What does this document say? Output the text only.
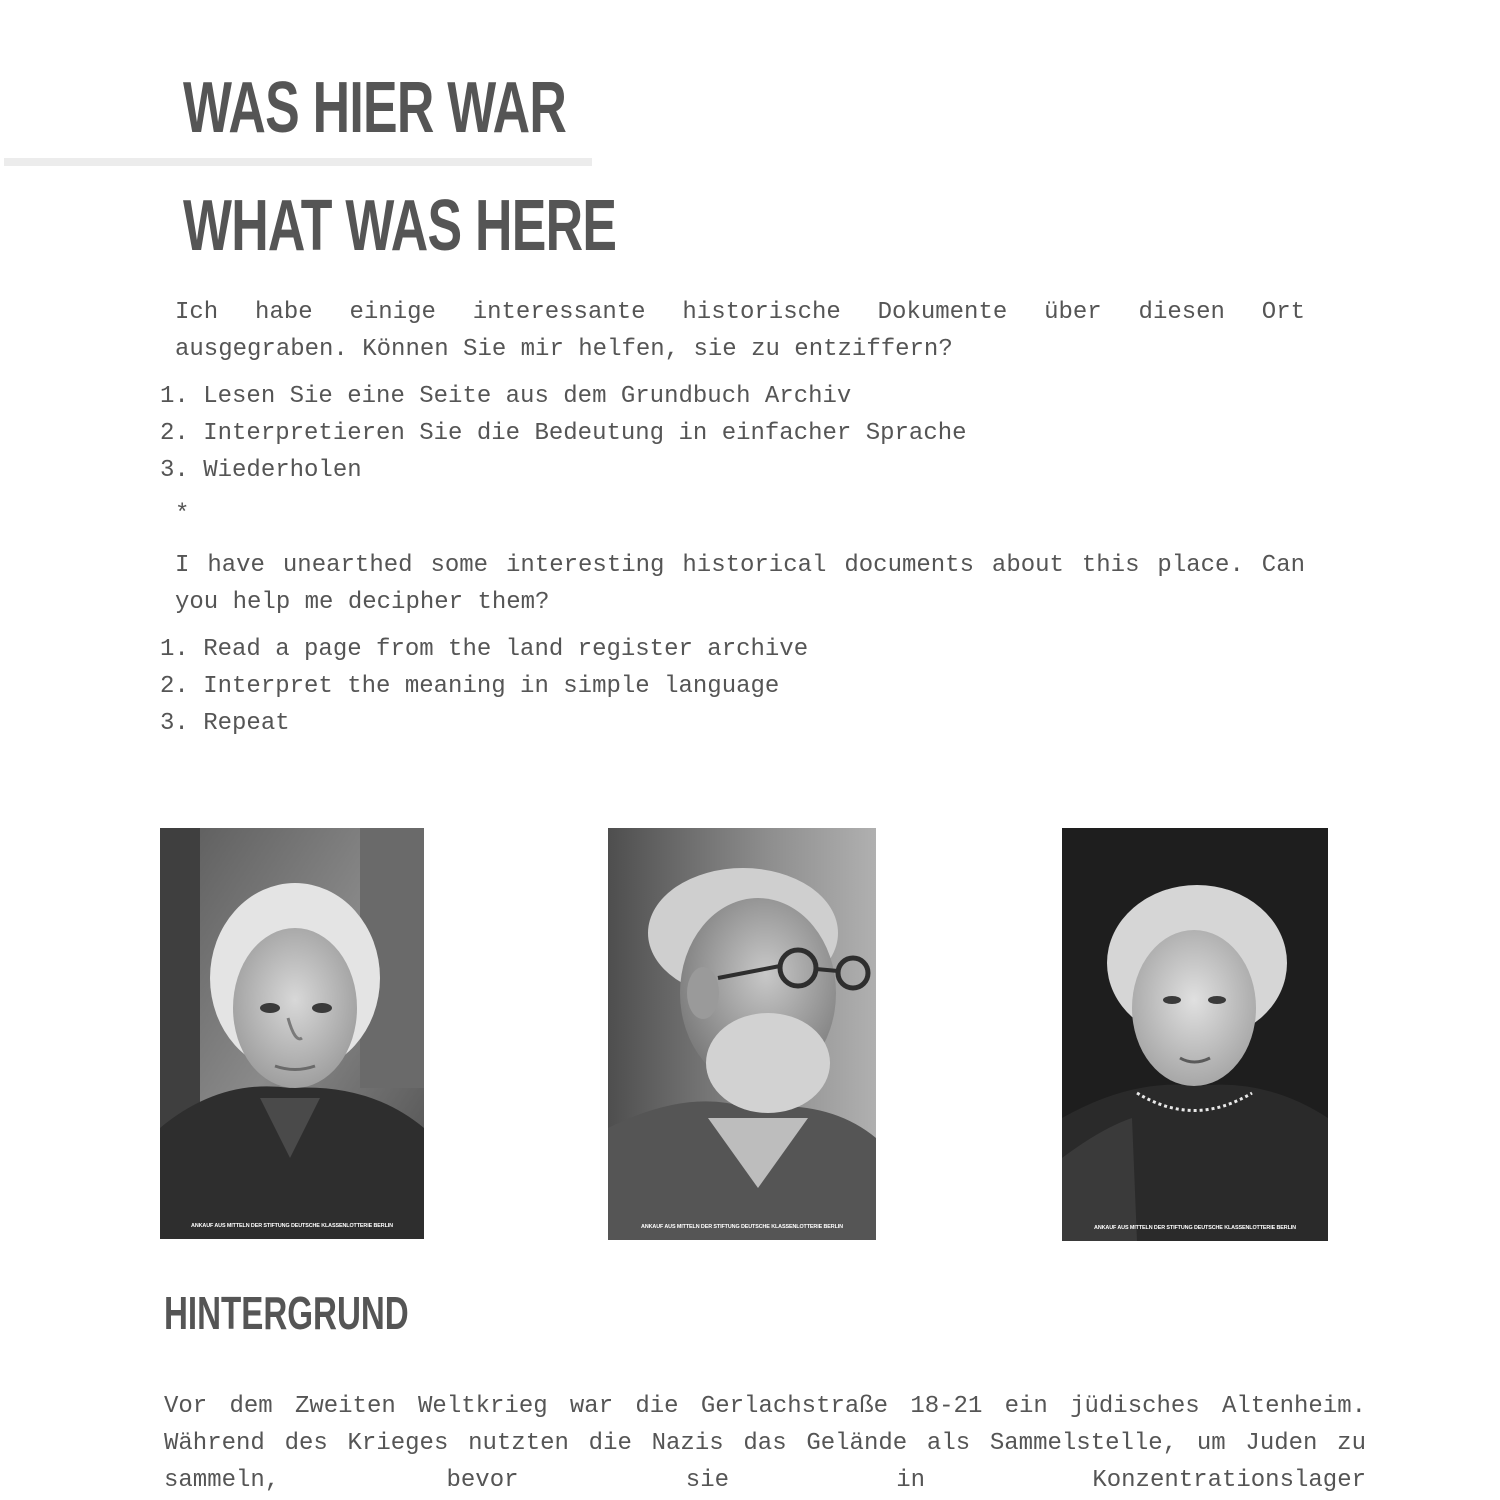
WAS HIER WAR
WHAT WAS HERE

Ich habe einige interessante historische Dokumente über diesen Ort ausgegraben. Können Sie mir helfen, sie zu entziffern?

1. Lesen Sie eine Seite aus dem Grundbuch Archiv
2. Interpretieren Sie die Bedeutung in einfacher Sprache
3. Wiederholen
*

I have unearthed some interesting historical documents about this place. Can you help me decipher them?

1. Read a page from the land register archive
2. Interpret the meaning in simple language
3. Repeat
ANKAUF AUS MITTELN DER STIFTUNG DEUTSCHE KLASSENLOTTERIE BERLIN	ANKAUF AUS MITTELN DER STIFTUNG DEUTSCHE KLASSENLOTTERIE BERLIN	ANKAUF AUS MITTELN DER STIFTUNG DEUTSCHE KLASSENLOTTERIE BERLIN
HINTERGRUND

Vor dem Zweiten Weltkrieg war die Gerlachstraße 18-21 ein jüdisches Altenheim. Während des Krieges nutzten die Nazis das Gelände als Sammelstelle, um Juden zu sammeln, bevor sie in Konzentrationslager
